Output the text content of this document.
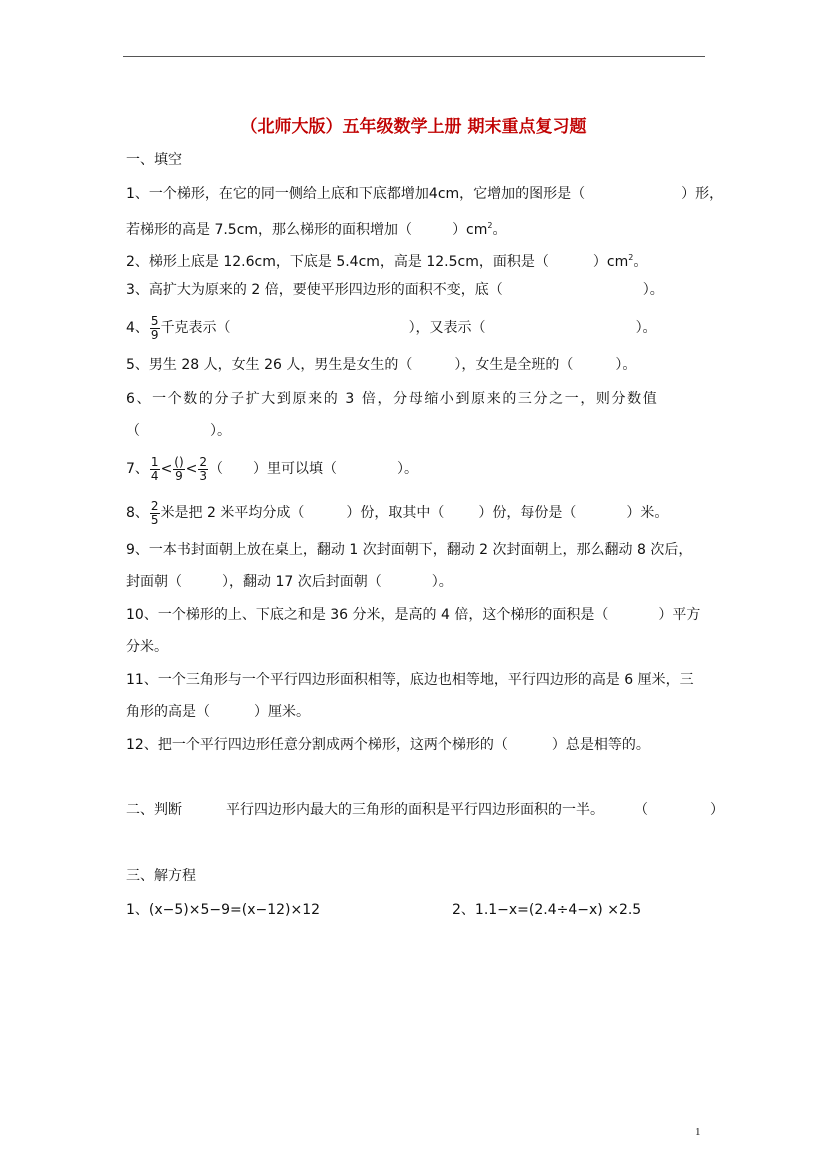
（北师大版）五年级数学上册 期末重点复习题
一、填空
1、一个梯形，在它的同一侧给上底和下底都增加4cm，它增加的图形是（	）形，
若梯形的高是 7.5cm，那么梯形的面积增加（	）$cm^2$。
2、梯形上底是 12.6cm，下底是 5.4cm，高是 12.5cm，面积是（	）$cm^2$。
3、高扩大为原来的 2 倍，要使平形四边形的面积不变，底（	）。
4、 $\frac{5}{9}$ 千克表示（	），又表示（	）。
5、男生 28 人，女生 26 人，男生是女生的（	），女生是全班的（	）。
6、一个数的分子扩大到原来的 3 倍，分母缩小到原来的三分之一，则分数值
（	）。
7、 $\frac{1}{4} < \frac{()}{9} < \frac{2}{3}$ （ ）里可以填（	）。
8、 $\frac{2}{5}$ 米是把 2 米平均分成（	）份，取其中（ ）份，每份是（	）米。
9、一本书封面朝上放在桌上，翻动 1 次封面朝下，翻动 2 次封面朝上，那么翻动 8 次后，
封面朝（	），翻动 17 次后封面朝（	）。
10、一个梯形的上、下底之和是 36 分米，是高的 4 倍，这个梯形的面积是（	）平方
分米。
11、一个三角形与一个平行四边形面积相等，底边也相等地，平行四边形的高是 6 厘米，三
角形的高是（	）厘米。
12、把一个平行四边形任意分割成两个梯形，这两个梯形的（	）总是相等的。
二、判断	平行四边形内最大的三角形的面积是平行四边形面积的一半。 （	）
三、解方程
1、(x−5)×5−9=(x−12)×12	2、1.1−x=(2.4÷4−x) ×2.5
1
